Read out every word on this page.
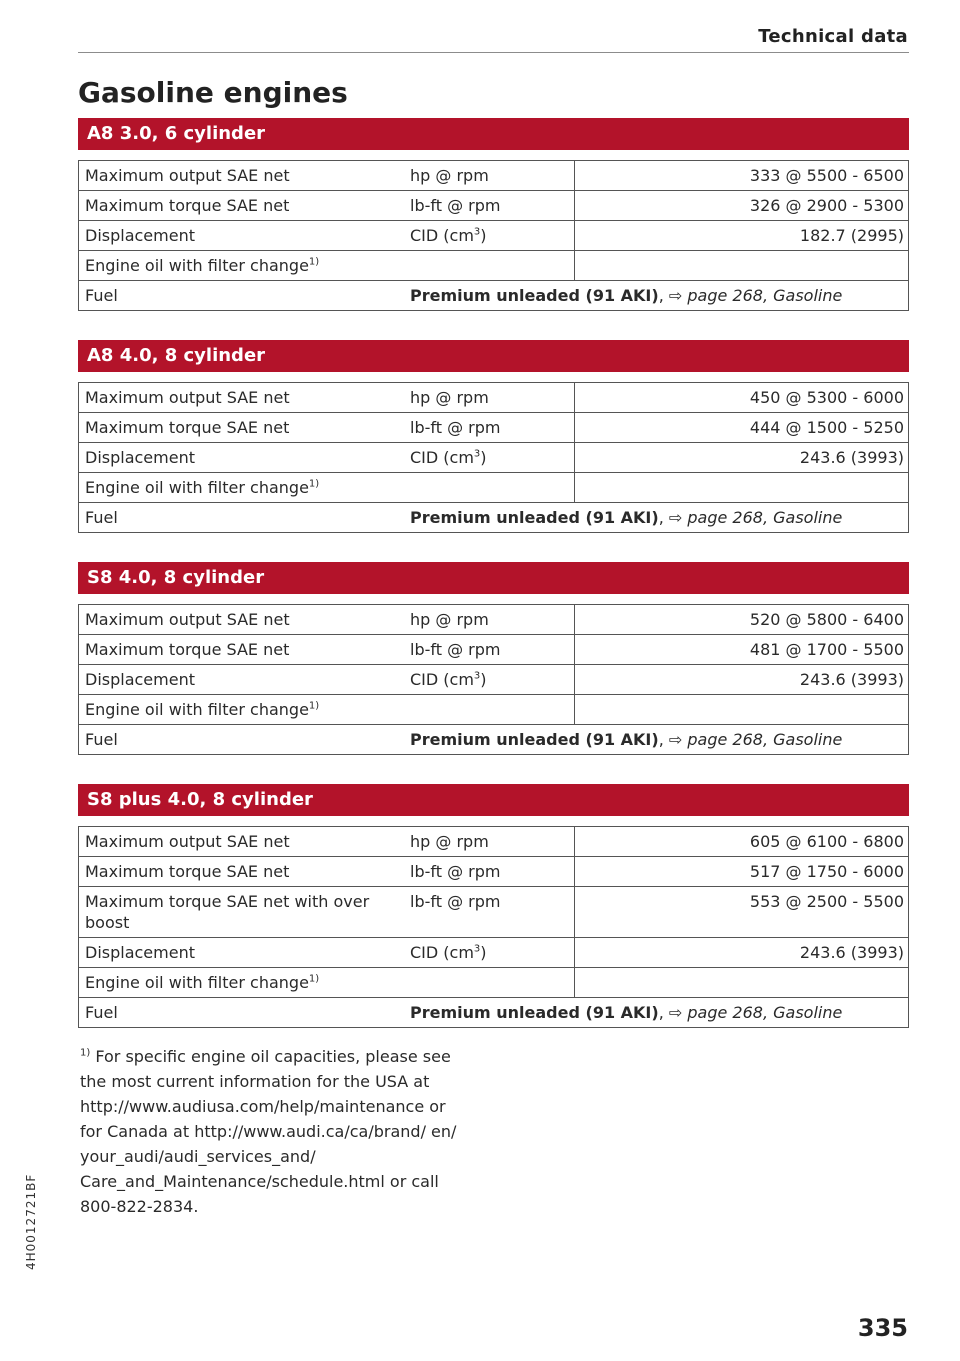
Technical data
Gasoline engines
A8 3.0, 6 cylinder
Maximum output SAE net	hp @ rpm	333 @ 5500 - 6500
Maximum torque SAE net	lb-ft @ rpm	326 @ 2900 - 5300
Displacement	CID $(cm^3)$	182.7 (2995)
Engine oil with filter change$^{1)}$		
Fuel	Premium unleaded (91 AKI), ⇨ page 268, Gasoline	
A8 4.0, 8 cylinder
Maximum output SAE net	hp @ rpm	450 @ 5300 - 6000
Maximum torque SAE net	lb-ft @ rpm	444 @ 1500 - 5250
Displacement	CID $(cm^3)$	243.6 (3993)
Engine oil with filter change$^{1)}$		
Fuel	Premium unleaded (91 AKI), ⇨ page 268, Gasoline	
S8 4.0, 8 cylinder
Maximum output SAE net	hp @ rpm	520 @ 5800 - 6400
Maximum torque SAE net	lb-ft @ rpm	481 @ 1700 - 5500
Displacement	CID $(cm^3)$	243.6 (3993)
Engine oil with filter change$^{1)}$		
Fuel	Premium unleaded (91 AKI), ⇨ page 268, Gasoline	
S8 plus 4.0, 8 cylinder
Maximum output SAE net	hp @ rpm	605 @ 6100 - 6800
Maximum torque SAE net	lb-ft @ rpm	517 @ 1750 - 6000
Maximum torque SAE net with over
boost	lb-ft @ rpm	553 @ 2500 - 5500
Displacement	CID $(cm^3)$	243.6 (3993)
Engine oil with filter change$^{1)}$		
Fuel	Premium unleaded (91 AKI), ⇨ page 268, Gasoline	
$^{1)}$ For specific engine oil capacities, please see
the most current information for the USA at
http://www.audiusa.com/help/maintenance or
for Canada at http://www.audi.ca/ca/brand/ en/
your_audi/audi_services_and/
Care_and_Maintenance/schedule.html or call
800-822-2834.
4H0012721BF
335
